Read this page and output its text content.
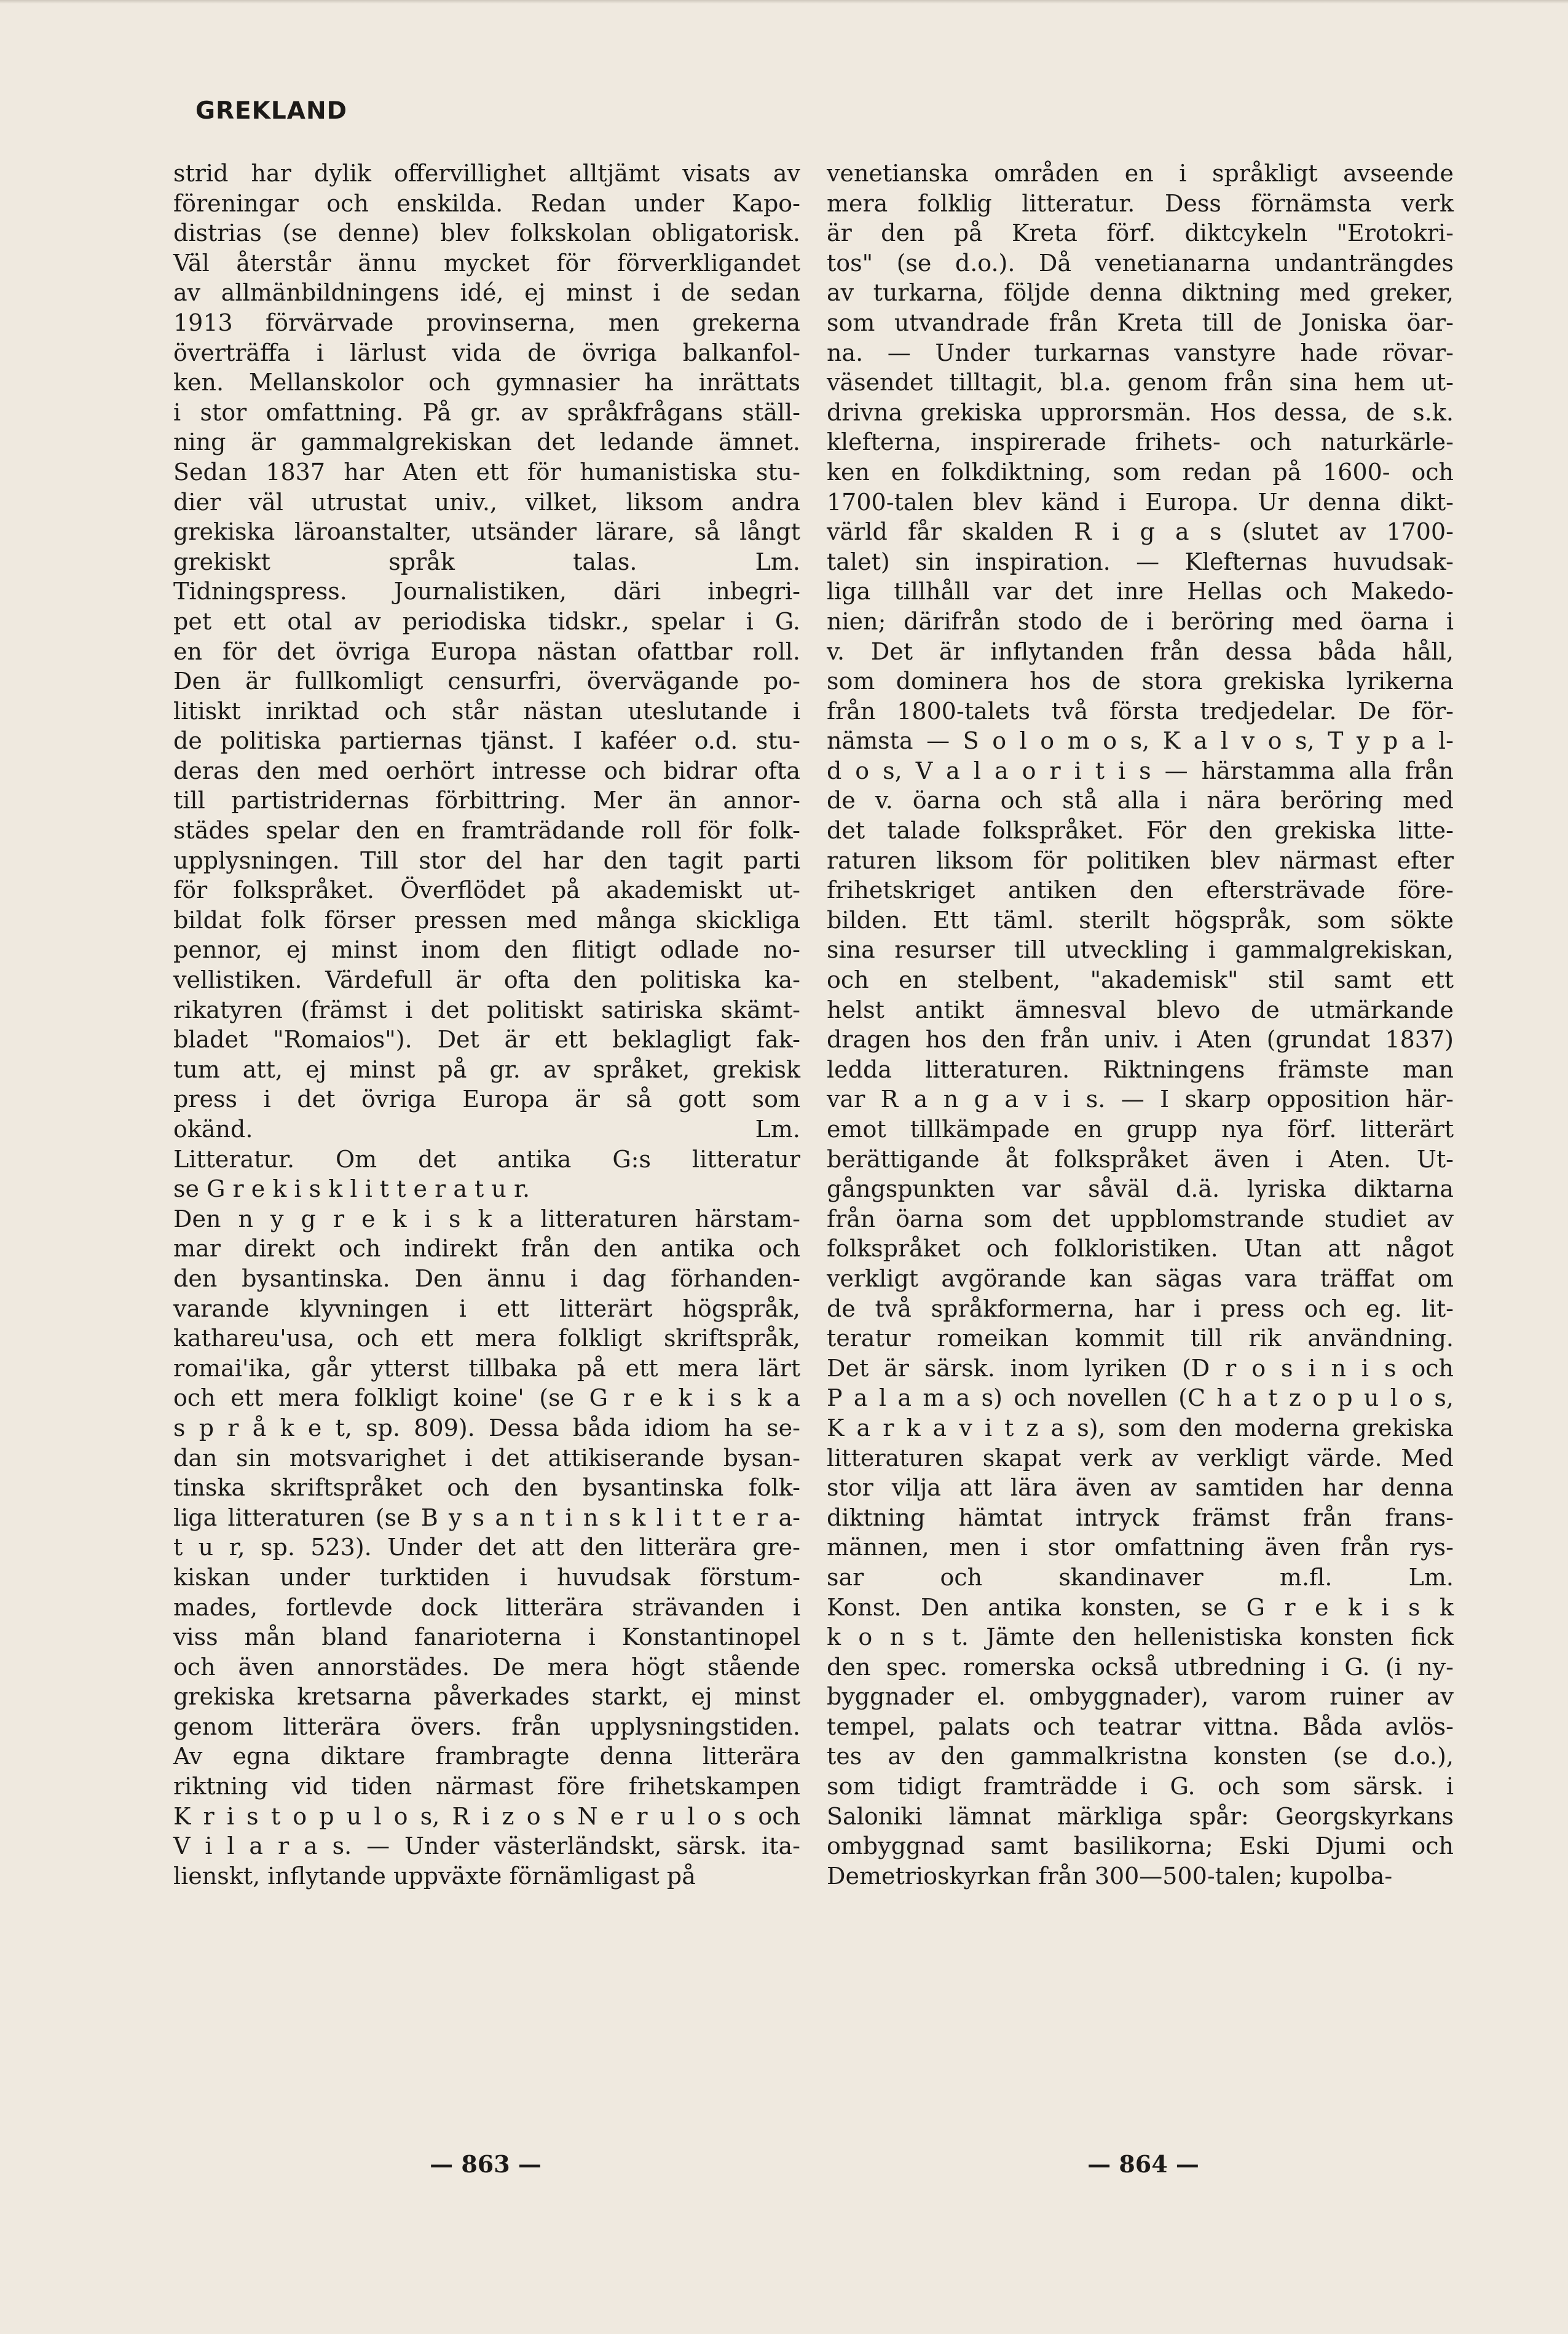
GREKLAND
strid har dylik offervillighet alltjämt visats av
föreningar och enskilda. Redan under Kapo-
distrias (se denne) blev folkskolan obligatorisk.
Väl återstår ännu mycket för förverkligandet
av allmänbildningens idé, ej minst i de sedan
1913 förvärvade provinserna, men grekerna
överträffa i lärlust vida de övriga balkanfol-
ken. Mellanskolor och gymnasier ha inrättats
i stor omfattning. På gr. av språkfrågans ställ-
ning är gammalgrekiskan det ledande ämnet.
Sedan 1837 har Aten ett för humanistiska stu-
dier väl utrustat univ., vilket, liksom andra
grekiska läroanstalter, utsänder lärare, så långt
grekiskt språk talas. Lm.
Tidningspress. Journalistiken, däri inbegri-
pet ett otal av periodiska tidskr., spelar i G.
en för det övriga Europa nästan ofattbar roll.
Den är fullkomligt censurfri, övervägande po-
litiskt inriktad och står nästan uteslutande i
de politiska partiernas tjänst. I kaféer o.d. stu-
deras den med oerhört intresse och bidrar ofta
till partistridernas förbittring. Mer än annor-
städes spelar den en framträdande roll för folk-
upplysningen. Till stor del har den tagit parti
för folkspråket. Överflödet på akademiskt ut-
bildat folk förser pressen med många skickliga
pennor, ej minst inom den flitigt odlade no-
vellistiken. Värdefull är ofta den politiska ka-
rikatyren (främst i det politiskt satiriska skämt-
bladet "Romaios"). Det är ett beklagligt fak-
tum att, ej minst på gr. av språket, grekisk
press i det övriga Europa är så gott som
okänd. Lm.
Litteratur. Om det antika G:s litteratur
se G r e k i s k l i t t e r a t u r.
Den n y g r e k i s k a litteraturen härstam-
mar direkt och indirekt från den antika och
den bysantinska. Den ännu i dag förhanden-
varande klyvningen i ett litterärt högspråk,
kathareu'usa, och ett mera folkligt skriftspråk,
romai'ika, går ytterst tillbaka på ett mera lärt
och ett mera folkligt koine' (se G r e k i s k a
s p r å k e t, sp. 809). Dessa båda idiom ha se-
dan sin motsvarighet i det attikiserande bysan-
tinska skriftspråket och den bysantinska folk-
liga litteraturen (se B y s a n t i n s k l i t t e r a-
t u r, sp. 523). Under det att den litterära gre-
kiskan under turktiden i huvudsak förstum-
mades, fortlevde dock litterära strävanden i
viss mån bland fanarioterna i Konstantinopel
och även annorstädes. De mera högt stående
grekiska kretsarna påverkades starkt, ej minst
genom litterära övers. från upplysningstiden.
Av egna diktare frambragte denna litterära
riktning vid tiden närmast före frihetskampen
K r i s t o p u l o s, R i z o s N e r u l o s och
V i l a r a s. — Under västerländskt, särsk. ita-
lienskt, inflytande uppväxte förnämligast på
venetianska områden en i språkligt avseende
mera folklig litteratur. Dess förnämsta verk
är den på Kreta förf. diktcykeln "Erotokri-
tos" (se d.o.). Då venetianarna undanträngdes
av turkarna, följde denna diktning med greker,
som utvandrade från Kreta till de Joniska öar-
na. — Under turkarnas vanstyre hade rövar-
väsendet tilltagit, bl.a. genom från sina hem ut-
drivna grekiska upprorsmän. Hos dessa, de s.k.
klefterna, inspirerade frihets- och naturkärle-
ken en folkdiktning, som redan på 1600- och
1700-talen blev känd i Europa. Ur denna dikt-
värld får skalden R i g a s (slutet av 1700-
talet) sin inspiration. — Klefternas huvudsak-
liga tillhåll var det inre Hellas och Makedo-
nien; därifrån stodo de i beröring med öarna i
v. Det är inflytanden från dessa båda håll,
som dominera hos de stora grekiska lyrikerna
från 1800-talets två första tredjedelar. De för-
nämsta — S o l o m o s, K a l v o s, T y p a l-
d o s, V a l a o r i t i s — härstamma alla från
de v. öarna och stå alla i nära beröring med
det talade folkspråket. För den grekiska litte-
raturen liksom för politiken blev närmast efter
frihetskriget antiken den eftersträvade före-
bilden. Ett täml. sterilt högspråk, som sökte
sina resurser till utveckling i gammalgrekiskan,
och en stelbent, "akademisk" stil samt ett
helst antikt ämnesval blevo de utmärkande
dragen hos den från univ. i Aten (grundat 1837)
ledda litteraturen. Riktningens främste man
var R a n g a v i s. — I skarp opposition här-
emot tillkämpade en grupp nya förf. litterärt
berättigande åt folkspråket även i Aten. Ut-
gångspunkten var såväl d.ä. lyriska diktarna
från öarna som det uppblomstrande studiet av
folkspråket och folkloristiken. Utan att något
verkligt avgörande kan sägas vara träffat om
de två språkformerna, har i press och eg. lit-
teratur romeikan kommit till rik användning.
Det är särsk. inom lyriken (D r o s i n i s och
P a l a m a s) och novellen (C h a t z o p u l o s,
K a r k a v i t z a s), som den moderna grekiska
litteraturen skapat verk av verkligt värde. Med
stor vilja att lära även av samtiden har denna
diktning hämtat intryck främst från frans-
männen, men i stor omfattning även från rys-
sar och skandinaver m.fl. Lm.
Konst. Den antika konsten, se G r e k i s k
k o n s t. Jämte den hellenistiska konsten fick
den spec. romerska också utbredning i G. (i ny-
byggnader el. ombyggnader), varom ruiner av
tempel, palats och teatrar vittna. Båda avlös-
tes av den gammalkristna konsten (se d.o.),
som tidigt framträdde i G. och som särsk. i
Saloniki lämnat märkliga spår: Georgskyrkans
ombyggnad samt basilikorna; Eski Djumi och
Demetrioskyrkan från 300—500-talen; kupolba-
— 863 —	— 864 —
